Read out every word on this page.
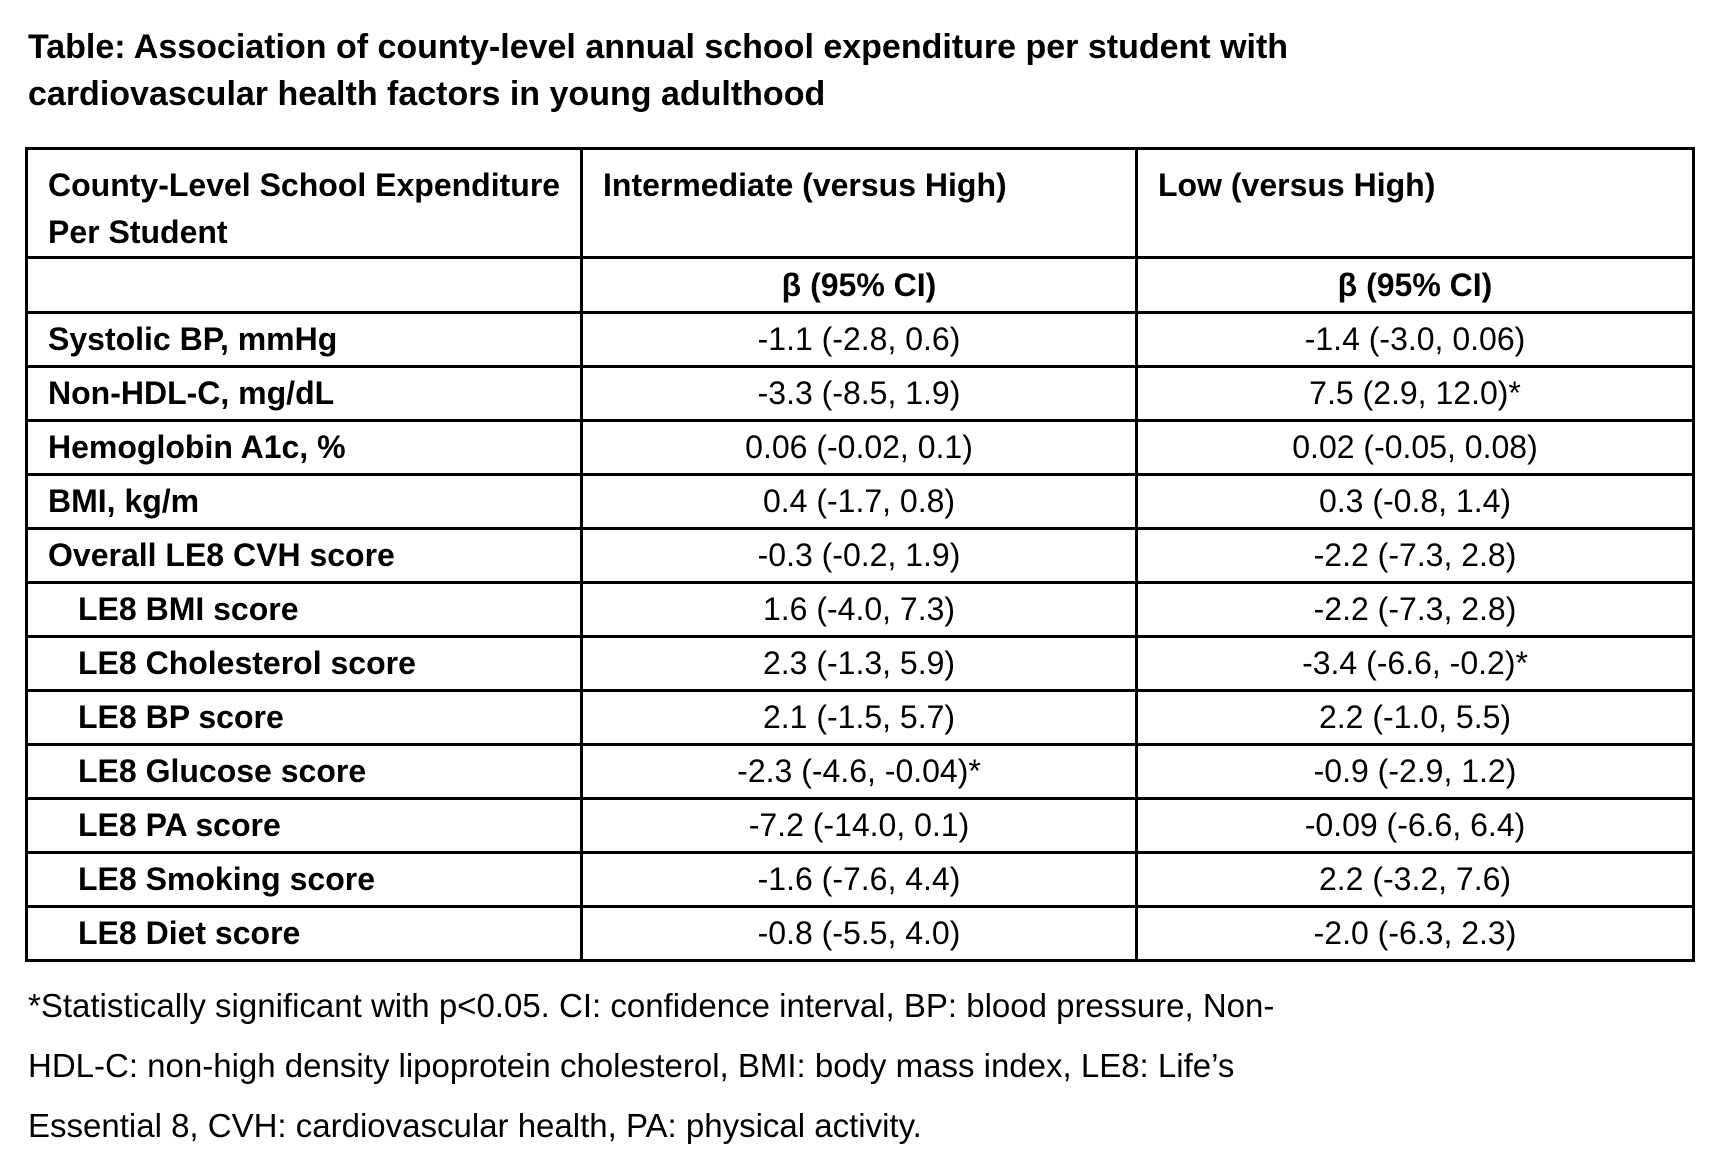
Table: Association of county-level annual school expenditure per student with cardiovascular health factors in young adulthood
County-Level School Expenditure Per Student	Intermediate (versus High)	Low (versus High)
	β (95% CI)	β (95% CI)
Systolic BP, mmHg	-1.1 (-2.8, 0.6)	-1.4 (-3.0, 0.06)
Non-HDL-C, mg/dL	-3.3 (-8.5, 1.9)	7.5 (2.9, 12.0)*
Hemoglobin A1c, %	0.06 (-0.02, 0.1)	0.02 (-0.05, 0.08)
BMI, kg/m	0.4 (-1.7, 0.8)	0.3 (-0.8, 1.4)
Overall LE8 CVH score	-0.3 (-0.2, 1.9)	-2.2 (-7.3, 2.8)
LE8 BMI score	1.6 (-4.0, 7.3)	-2.2 (-7.3, 2.8)
LE8 Cholesterol score	2.3 (-1.3, 5.9)	-3.4 (-6.6, -0.2)*
LE8 BP score	2.1 (-1.5, 5.7)	2.2 (-1.0, 5.5)
LE8 Glucose score	-2.3 (-4.6, -0.04)*	-0.9 (-2.9, 1.2)
LE8 PA score	-7.2 (-14.0, 0.1)	-0.09 (-6.6, 6.4)
LE8 Smoking score	-1.6 (-7.6, 4.4)	2.2 (-3.2, 7.6)
LE8 Diet score	-0.8 (-5.5, 4.0)	-2.0 (-6.3, 2.3)
*Statistically significant with p<0.05. CI: confidence interval, BP: blood pressure, Non-
HDL-C: non-high density lipoprotein cholesterol, BMI: body mass index, LE8: Life’s
Essential 8, CVH: cardiovascular health, PA: physical activity.
